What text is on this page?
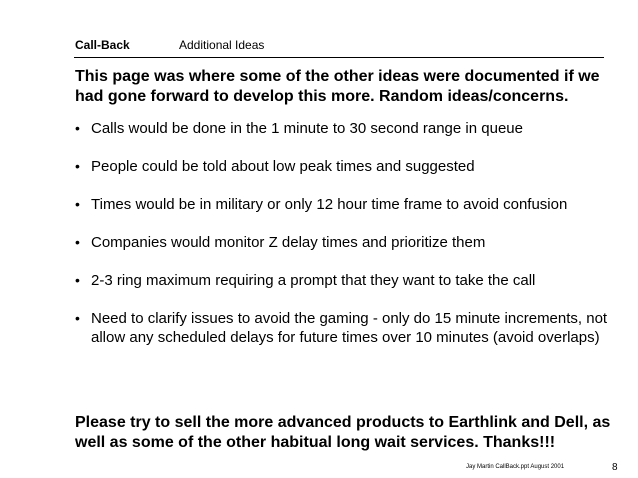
Call-Back	Additional Ideas
This page was where some of the other ideas were documented if we had gone forward to develop this more. Random ideas/concerns.
• Calls would be done in the 1 minute to 30 second range in queue
• People could be told about low peak times and suggested
• Times would be in military or only 12 hour time frame to avoid confusion
• Companies would monitor Z delay times and prioritize them
• 2-3 ring maximum requiring a prompt that they want to take the call
• Need to clarify issues to avoid the gaming - only do 15 minute increments, not allow any scheduled delays for future times over 10 minutes (avoid overlaps)
Please try to sell the more advanced products to Earthlink and Dell, as well as some of the other habitual long wait services. Thanks!!!
Jay Martin CallBack.ppt August 2001	8
